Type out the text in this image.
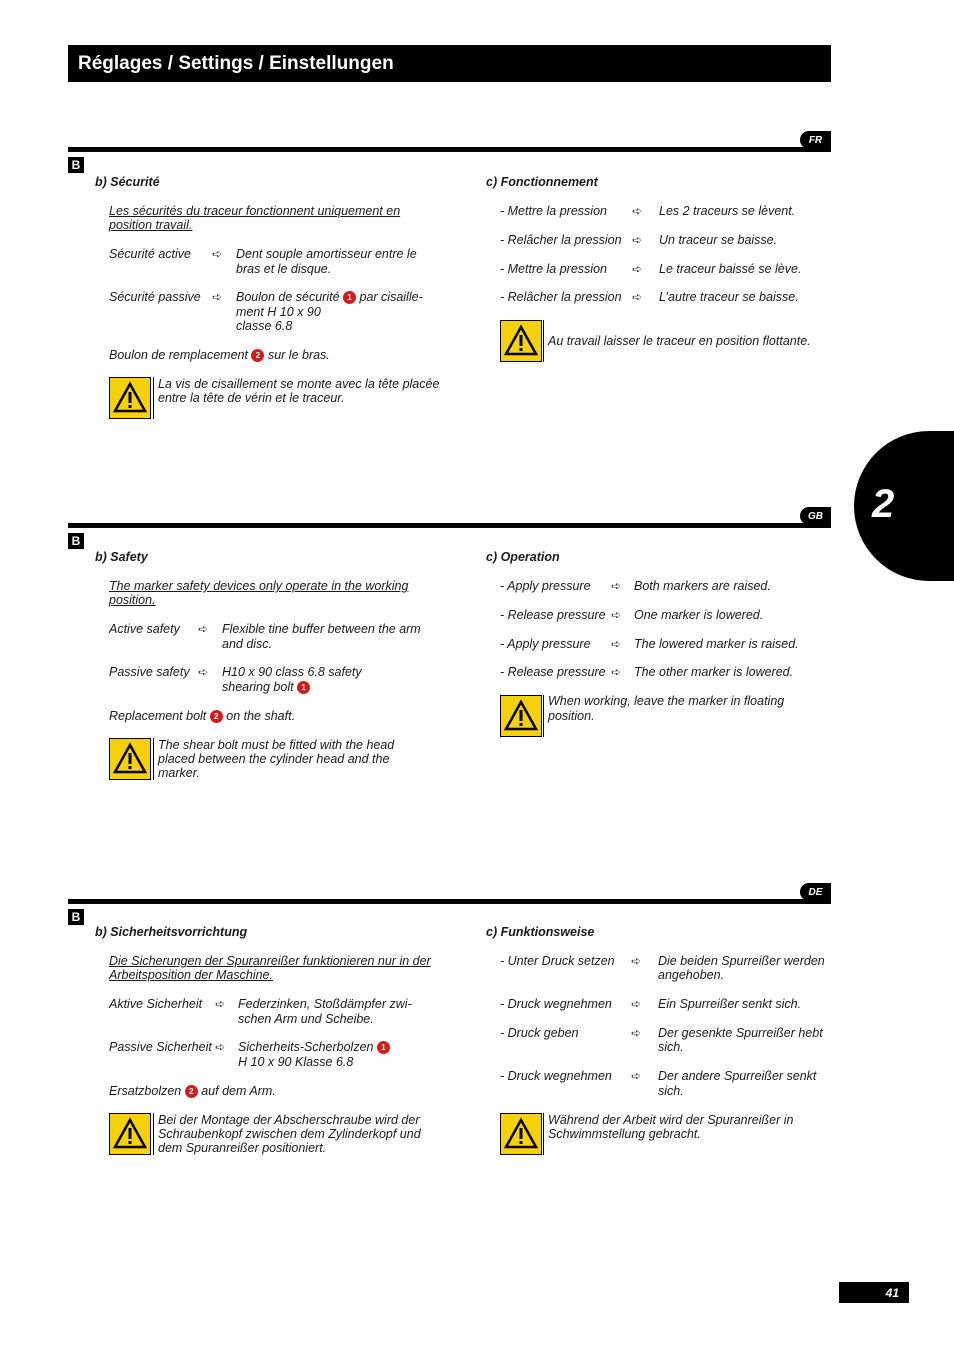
Réglages / Settings / Einstellungen
FR
B
b) Sécurité
Les sécurités du traceur fonctionnent uniquement en
position travail.
Sécurité active ➪ Dent souple amortisseur entre le
bras et le disque.
Sécurité passive ➪ Boulon de sécurité 1 par cisaille-
ment H 10 x 90
classe 6.8
Boulon de remplacement 2 sur le bras.
La vis de cisaillement se monte avec la tête placée
entre la tête de vérin et le traceur.
c) Fonctionnement
- Mettre la pression ➪ Les 2 traceurs se lèvent.
- Relâcher la pression ➪ Un traceur se baisse.
- Mettre la pression ➪ Le traceur baissé se lève.
- Relâcher la pression ➪ L’autre traceur se baisse.
Au travail laisser le traceur en position flottante.
GB
B
b) Safety
The marker safety devices only operate in the working
position.
Active safety ➪ Flexible tine buffer between the arm
and disc.
Passive safety ➪ H10 x 90 class 6.8 safety
shearing bolt 1
Replacement bolt 2 on the shaft.
The shear bolt must be fitted with the head
placed between the cylinder head and the
marker.
c) Operation
- Apply pressure ➪ Both markers are raised.
- Release pressure ➪ One marker is lowered.
- Apply pressure ➪ The lowered marker is raised.
- Release pressure ➪ The other marker is lowered.
When working, leave the marker in floating
position.
DE
B
b) Sicherheitsvorrichtung
Die Sicherungen der Spuranreißer funktionieren nur in der
Arbeitsposition der Maschine.
Aktive Sicherheit ➪ Federzinken, Stoßdämpfer zwi-
schen Arm und Scheibe.
Passive Sicherheit ➪ Sicherheits-Scherbolzen 1
H 10 x 90 Klasse 6.8
Ersatzbolzen 2 auf dem Arm.
Bei der Montage der Abscherschraube wird der
Schraubenkopf zwischen dem Zylinderkopf und
dem Spuranreißer positioniert.
c) Funktionsweise
- Unter Druck setzen ➪ Die beiden Spurreißer werden
angehoben.
- Druck wegnehmen ➪ Ein Spurreißer senkt sich.
- Druck geben	➪ Der gesenkte Spurreißer hebt
sich.
- Druck wegnehmen ➪ Der andere Spurreißer senkt
sich.
Während der Arbeit wird der Spuranreißer in
Schwimmstellung gebracht.
2
41
